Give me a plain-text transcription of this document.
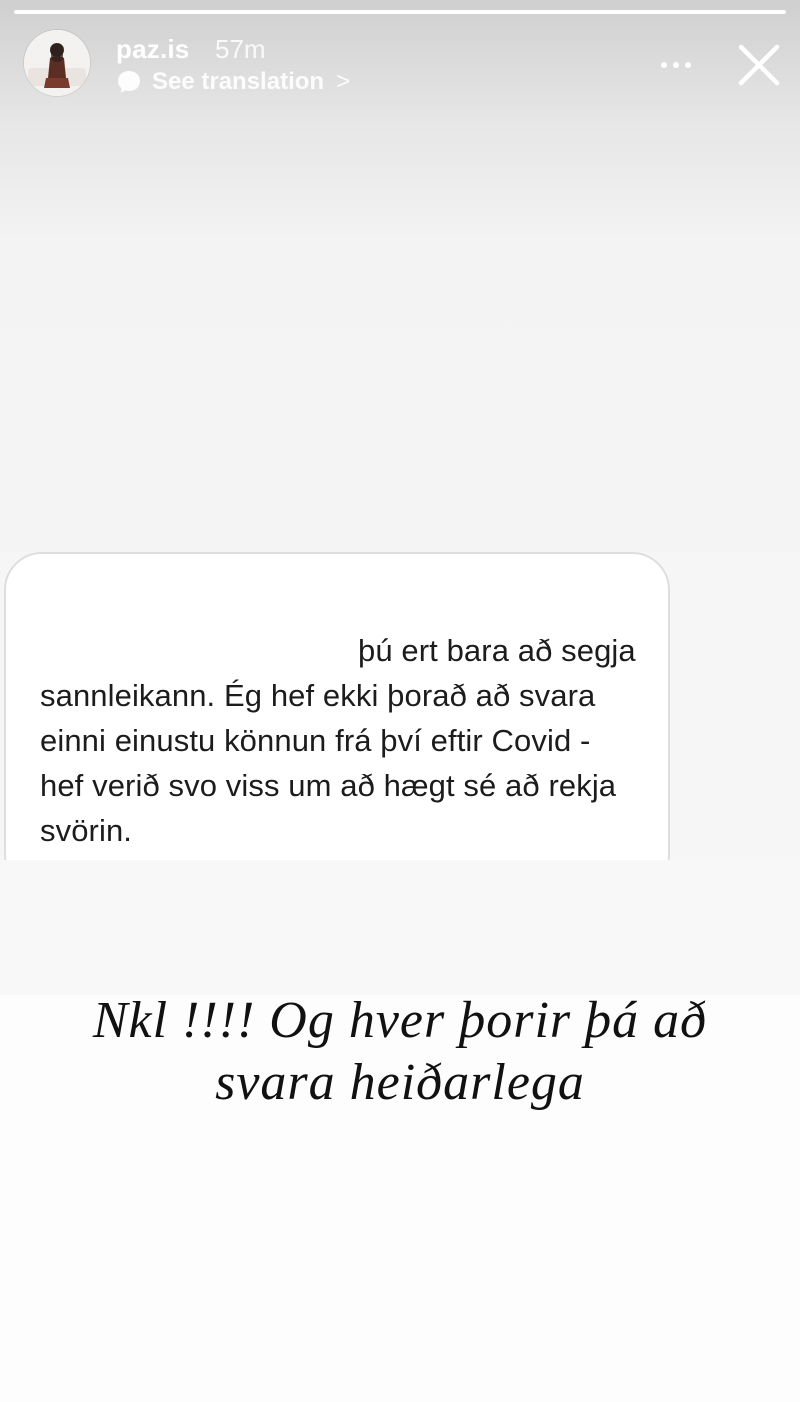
paz.is 57m
See translation >
þú ert bara að segja sannleikann. Ég hef ekki þorað að svara einni einustu könnun frá því eftir Covid - hef verið svo viss um að hægt sé að rekja svörin.
Nkl !!!! Og hver þorir þá að
svara heiðarlega
